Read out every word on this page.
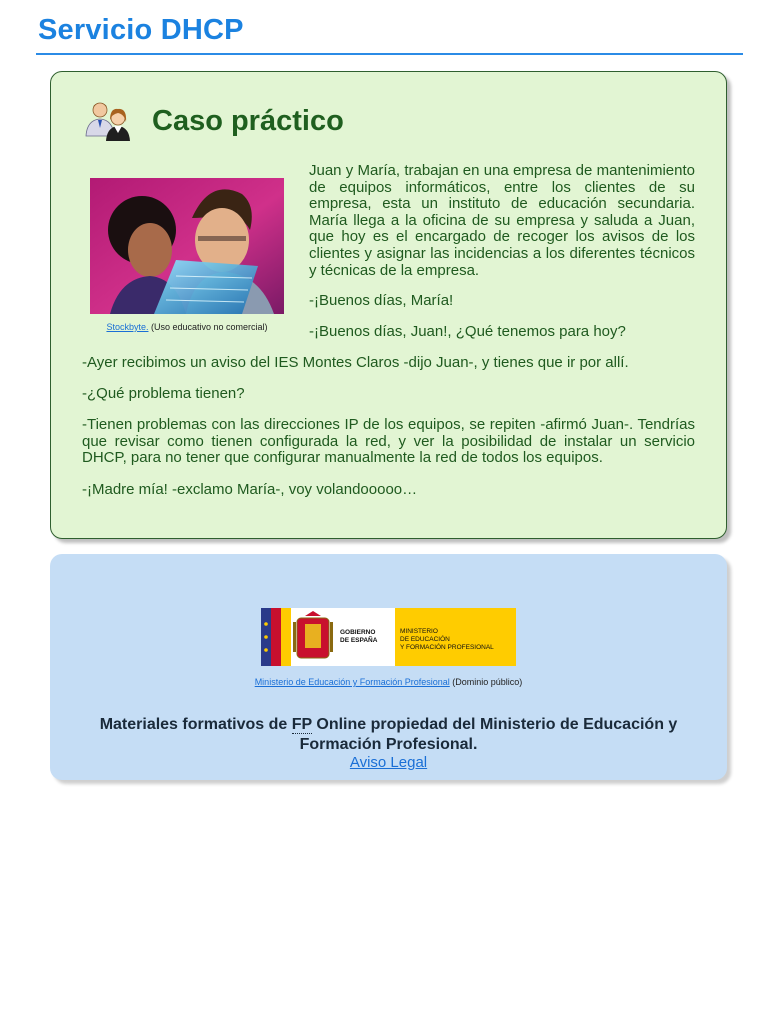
Servicio DHCP
Caso práctico
Stockbyte. (Uso educativo no comercial)

Juan y María, trabajan en una empresa de mantenimiento de equipos informáticos, entre los clientes de su empresa, esta un instituto de educación secundaria. María llega a la oficina de su empresa y saluda a Juan, que hoy es el encargado de recoger los avisos de los clientes y asignar las incidencias a los diferentes técnicos y técnicas de la empresa.

-¡Buenos días, María!

-¡Buenos días, Juan!, ¿Qué tenemos para hoy?

-Ayer recibimos un aviso del IES Montes Claros -dijo Juan-, y tienes que ir por allí.

-¿Qué problema tienen?

-Tienen problemas con las direcciones IP de los equipos, se repiten -afirmó Juan-. Tendrías que revisar como tienen configurada la red, y ver la posibilidad de instalar un servicio DHCP, para no tener que configurar manualmente la red de todos los equipos.

-¡Madre mía! -exclamo María-, voy volandooooo…

GOBIERNO
DE ESPAÑA
MINISTERIO
DE EDUCACIÓN
Y FORMACIÓN PROFESIONAL
Ministerio de Educación y Formación Profesional (Dominio público)
Materiales formativos de FP Online propiedad del Ministerio de Educación y Formación Profesional.
Aviso Legal
